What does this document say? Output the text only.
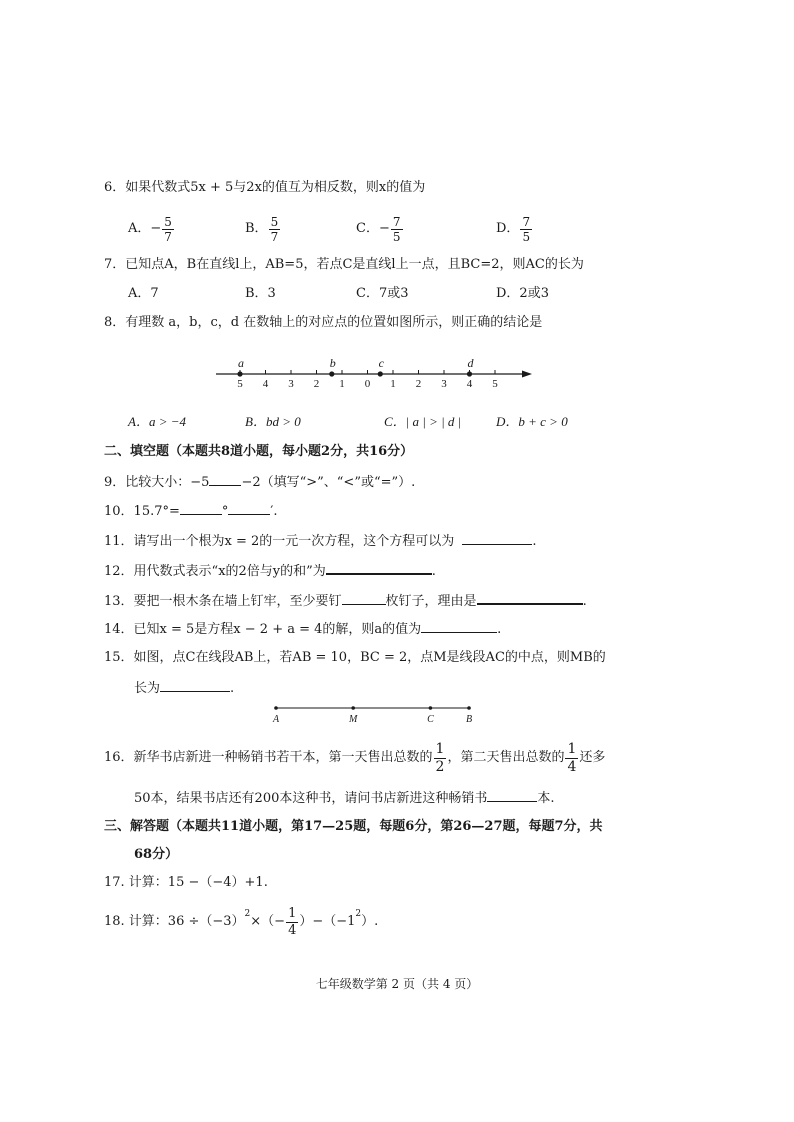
6．如果代数式5x + 5与2x的值互为相反数，则x的值为
A． − $\frac{5}{7}$	B． $\frac{5}{7}$	C． − $\frac{7}{5}$	D． $\frac{7}{5}$
7．已知点A，B在直线l上，AB=5，若点C是直线l上一点，且BC=2，则AC的长为
A．7	B．3	C．7或3	D．2或3
8．有理数 a，b，c，d 在数轴上的对应点的位置如图所示，则正确的结论是
5 4 3 2 1 0 1 2 3 4 5
a	b	c	d
A．a > −4	B．bd > 0	C．| a | > | d |	D．b + c > 0
二、填空题（本题共8道小题，每小题2分，共16分）
9．比较大小：−5 −2（填写“>”、“<”或“=”）.
10．15.7°=	°	′.
11．请写出一个根为x = 2的一元一次方程，这个方程可以为	.
12．用代数式表示“x的2倍与y的和”为	.
13．要把一根木条在墙上钉牢，至少要钉	枚钉子，理由是	.
14．已知x = 5是方程x − 2 + a = 4的解，则a的值为	.
15．如图，点C在线段AB上，若AB = 10，BC = 2，点M是线段AC的中点，则MB的
长为	.
A	M	C	B
16．新华书店新进一种畅销书若干本，第一天售出总数的 $\frac{1}{2}$ ，第二天售出总数的 $\frac{1}{4}$ 还多
50本，结果书店还有200本这种书，请问书店新进这种畅销书	本.
三、解答题（本题共11道小题，第17—25题，每题6分，第26—27题，每题7分，共
68分）
17. 计算：15 −（−4）+1.
18. 计算：$36 \div(-3)^2$ ×（− $\frac{1}{4} )-(-1^2$ ）.
七年级数学第 2 页（共 4 页）
